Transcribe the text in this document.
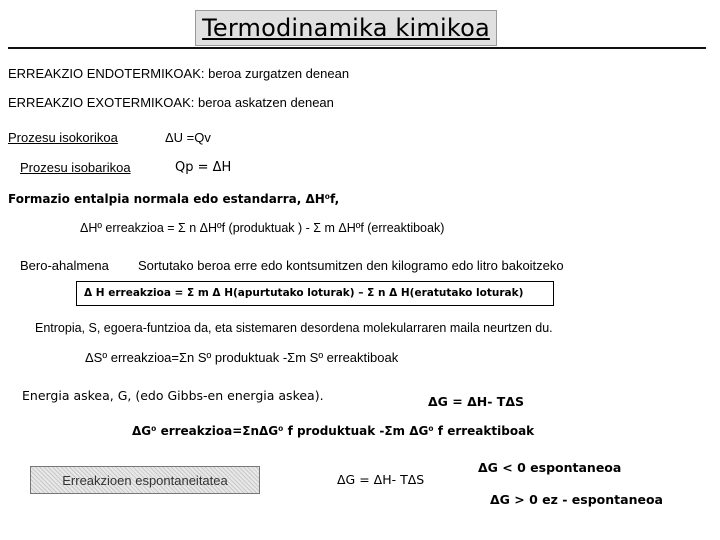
Termodinamika kimikoa
ERREAKZIO ENDOTERMIKOAK: beroa zurgatzen denean
ERREAKZIO EXOTERMIKOAK: beroa askatzen denean
Prozesu isokorikoa	ΔU =Qv
Prozesu isobarikoa	Qp = ΔH
Formazio entalpia normala edo estandarra, ΔH⁰f,
ΔHº erreakzioa = Σ n ΔHºf (produktuak ) - Σ m ΔHºf (erreaktiboak)
Bero-ahalmena Sortutako beroa erre edo kontsumitzen den kilogramo edo litro bakoitzeko
Δ H erreakzioa = Σ m Δ H(apurtutako loturak) – Σ n Δ H(eratutako loturak)
Entropia, S, egoera-funtzioa da, eta sistemaren desordena molekularraren maila neurtzen du.
ΔSº erreakzioa=Σn Sº produktuak -Σm Sº erreaktiboak
Energia askea, G, (edo Gibbs-en energia askea).	ΔG = ΔH- TΔS
ΔG⁰ erreakzioa=ΣnΔG⁰ f produktuak -Σm ΔG⁰ f erreaktiboak
Erreakzioen espontaneitatea	ΔG = ΔH- TΔS
ΔG < 0 espontaneoa
ΔG > 0 ez - espontaneoa
